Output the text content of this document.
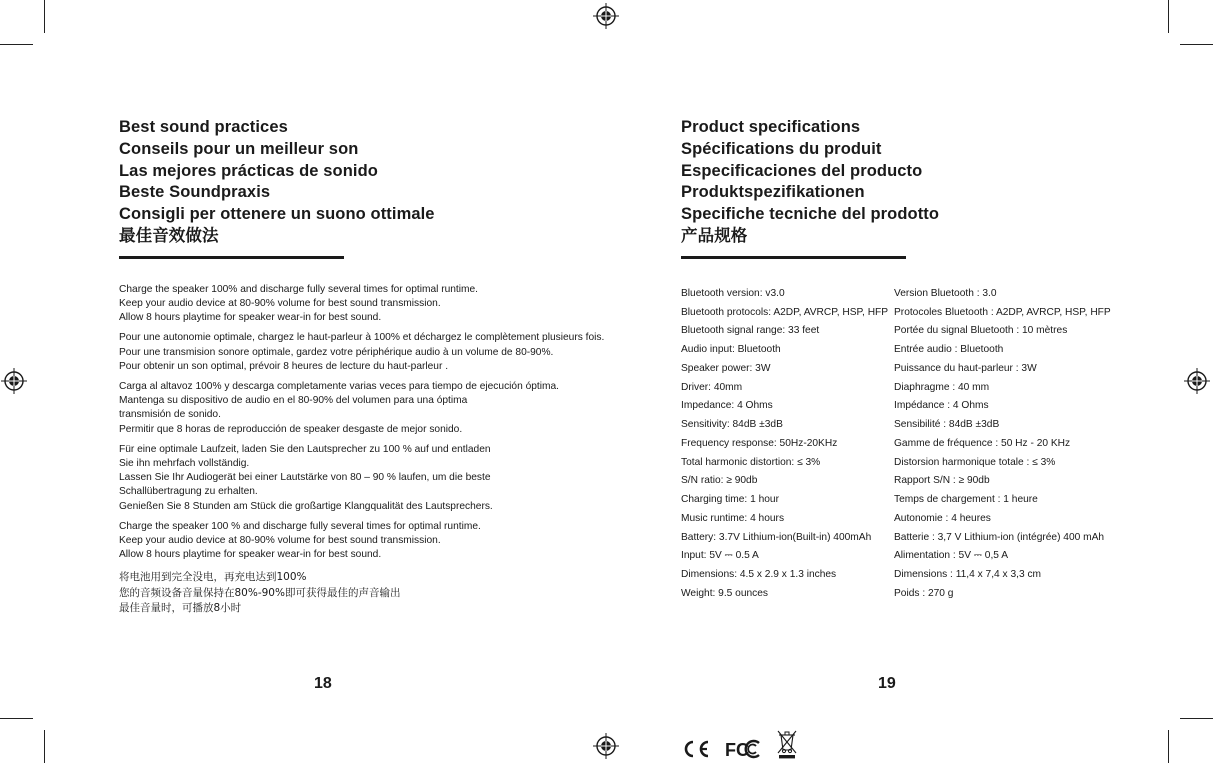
Best sound practices
Conseils pour un meilleur son
Las mejores prácticas de sonido
Beste Soundpraxis
Consigli per ottenere un suono ottimale
最佳音效做法
Charge the speaker 100% and discharge fully several times for optimal runtime.
Keep your audio device at 80-90% volume for best sound transmission.
Allow 8 hours playtime for speaker wear-in for best sound.
Pour une autonomie optimale, chargez le haut-parleur à 100% et déchargez le complètement plusieurs fois.
Pour une transmision sonore optimale, gardez votre périphérique audio à un volume de 80-90%.
Pour obtenir un son optimal, prévoir 8 heures de lecture du haut-parleur .
Carga al altavoz 100% y descarga completamente varias veces para tiempo de ejecución óptima.
Mantenga su dispositivo de audio en el 80-90% del volumen para una óptima
transmisión de sonido.
Permitir que 8 horas de reproducción de speaker desgaste de mejor sonido.
Für eine optimale Laufzeit, laden Sie den Lautsprecher zu 100 % auf und entladen
Sie ihn mehrfach vollständig.
Lassen Sie Ihr Audiogerät bei einer Lautstärke von 80 – 90 % laufen, um die beste
Schallübertragung zu erhalten.
Genießen Sie 8 Stunden am Stück die großartige Klangqualität des Lautsprechers.
Charge the speaker 100 % and discharge fully several times for optimal runtime.
Keep your audio device at 80-90% volume for best sound transmission.
Allow 8 hours playtime for speaker wear-in for best sound.
将电池用到完全没电，再充电达到100%
您的音频设备音量保持在80%-90%即可获得最佳的声音输出
最佳音量时，可播放8小时
18
Product specifications
Spécifications du produit
Especificaciones del producto
Produktspezifikationen
Specifiche tecniche del prodotto
产品规格
Bluetooth version: v3.0
Bluetooth protocols: A2DP, AVRCP, HSP, HFP
Bluetooth signal range: 33 feet
Audio input: Bluetooth
Speaker power: 3W
Driver: 40mm
Impedance: 4 Ohms
Sensitivity: 84dB ±3dB
Frequency response: 50Hz-20KHz
Total harmonic distortion: ≤ 3%
S/N ratio: ≥ 90db
Charging time: 1 hour
Music runtime: 4 hours
Battery: 3.7V Lithium-ion(Built-in) 400mAh
Input: 5V ⎓ 0.5 A
Dimensions: 4.5 x 2.9 x 1.3 inches
Weight: 9.5 ounces
Version Bluetooth : 3.0
Protocoles Bluetooth : A2DP, AVRCP, HSP, HFP
Portée du signal Bluetooth : 10 mètres
Entrée audio : Bluetooth
Puissance du haut-parleur : 3W
Diaphragme : 40 mm
Impédance : 4 Ohms
Sensibilité : 84dB ±3dB
Gamme de fréquence : 50 Hz - 20 KHz
Distorsion harmonique totale : ≤ 3%
Rapport S/N : ≥ 90db
Temps de chargement : 1 heure
Autonomie : 4 heures
Batterie : 3,7 V Lithium-ion (intégrée) 400 mAh
Alimentation : 5V ⎓ 0,5 A
Dimensions : 11,4 x 7,4 x 3,3 cm
Poids : 270 g
FC
19
